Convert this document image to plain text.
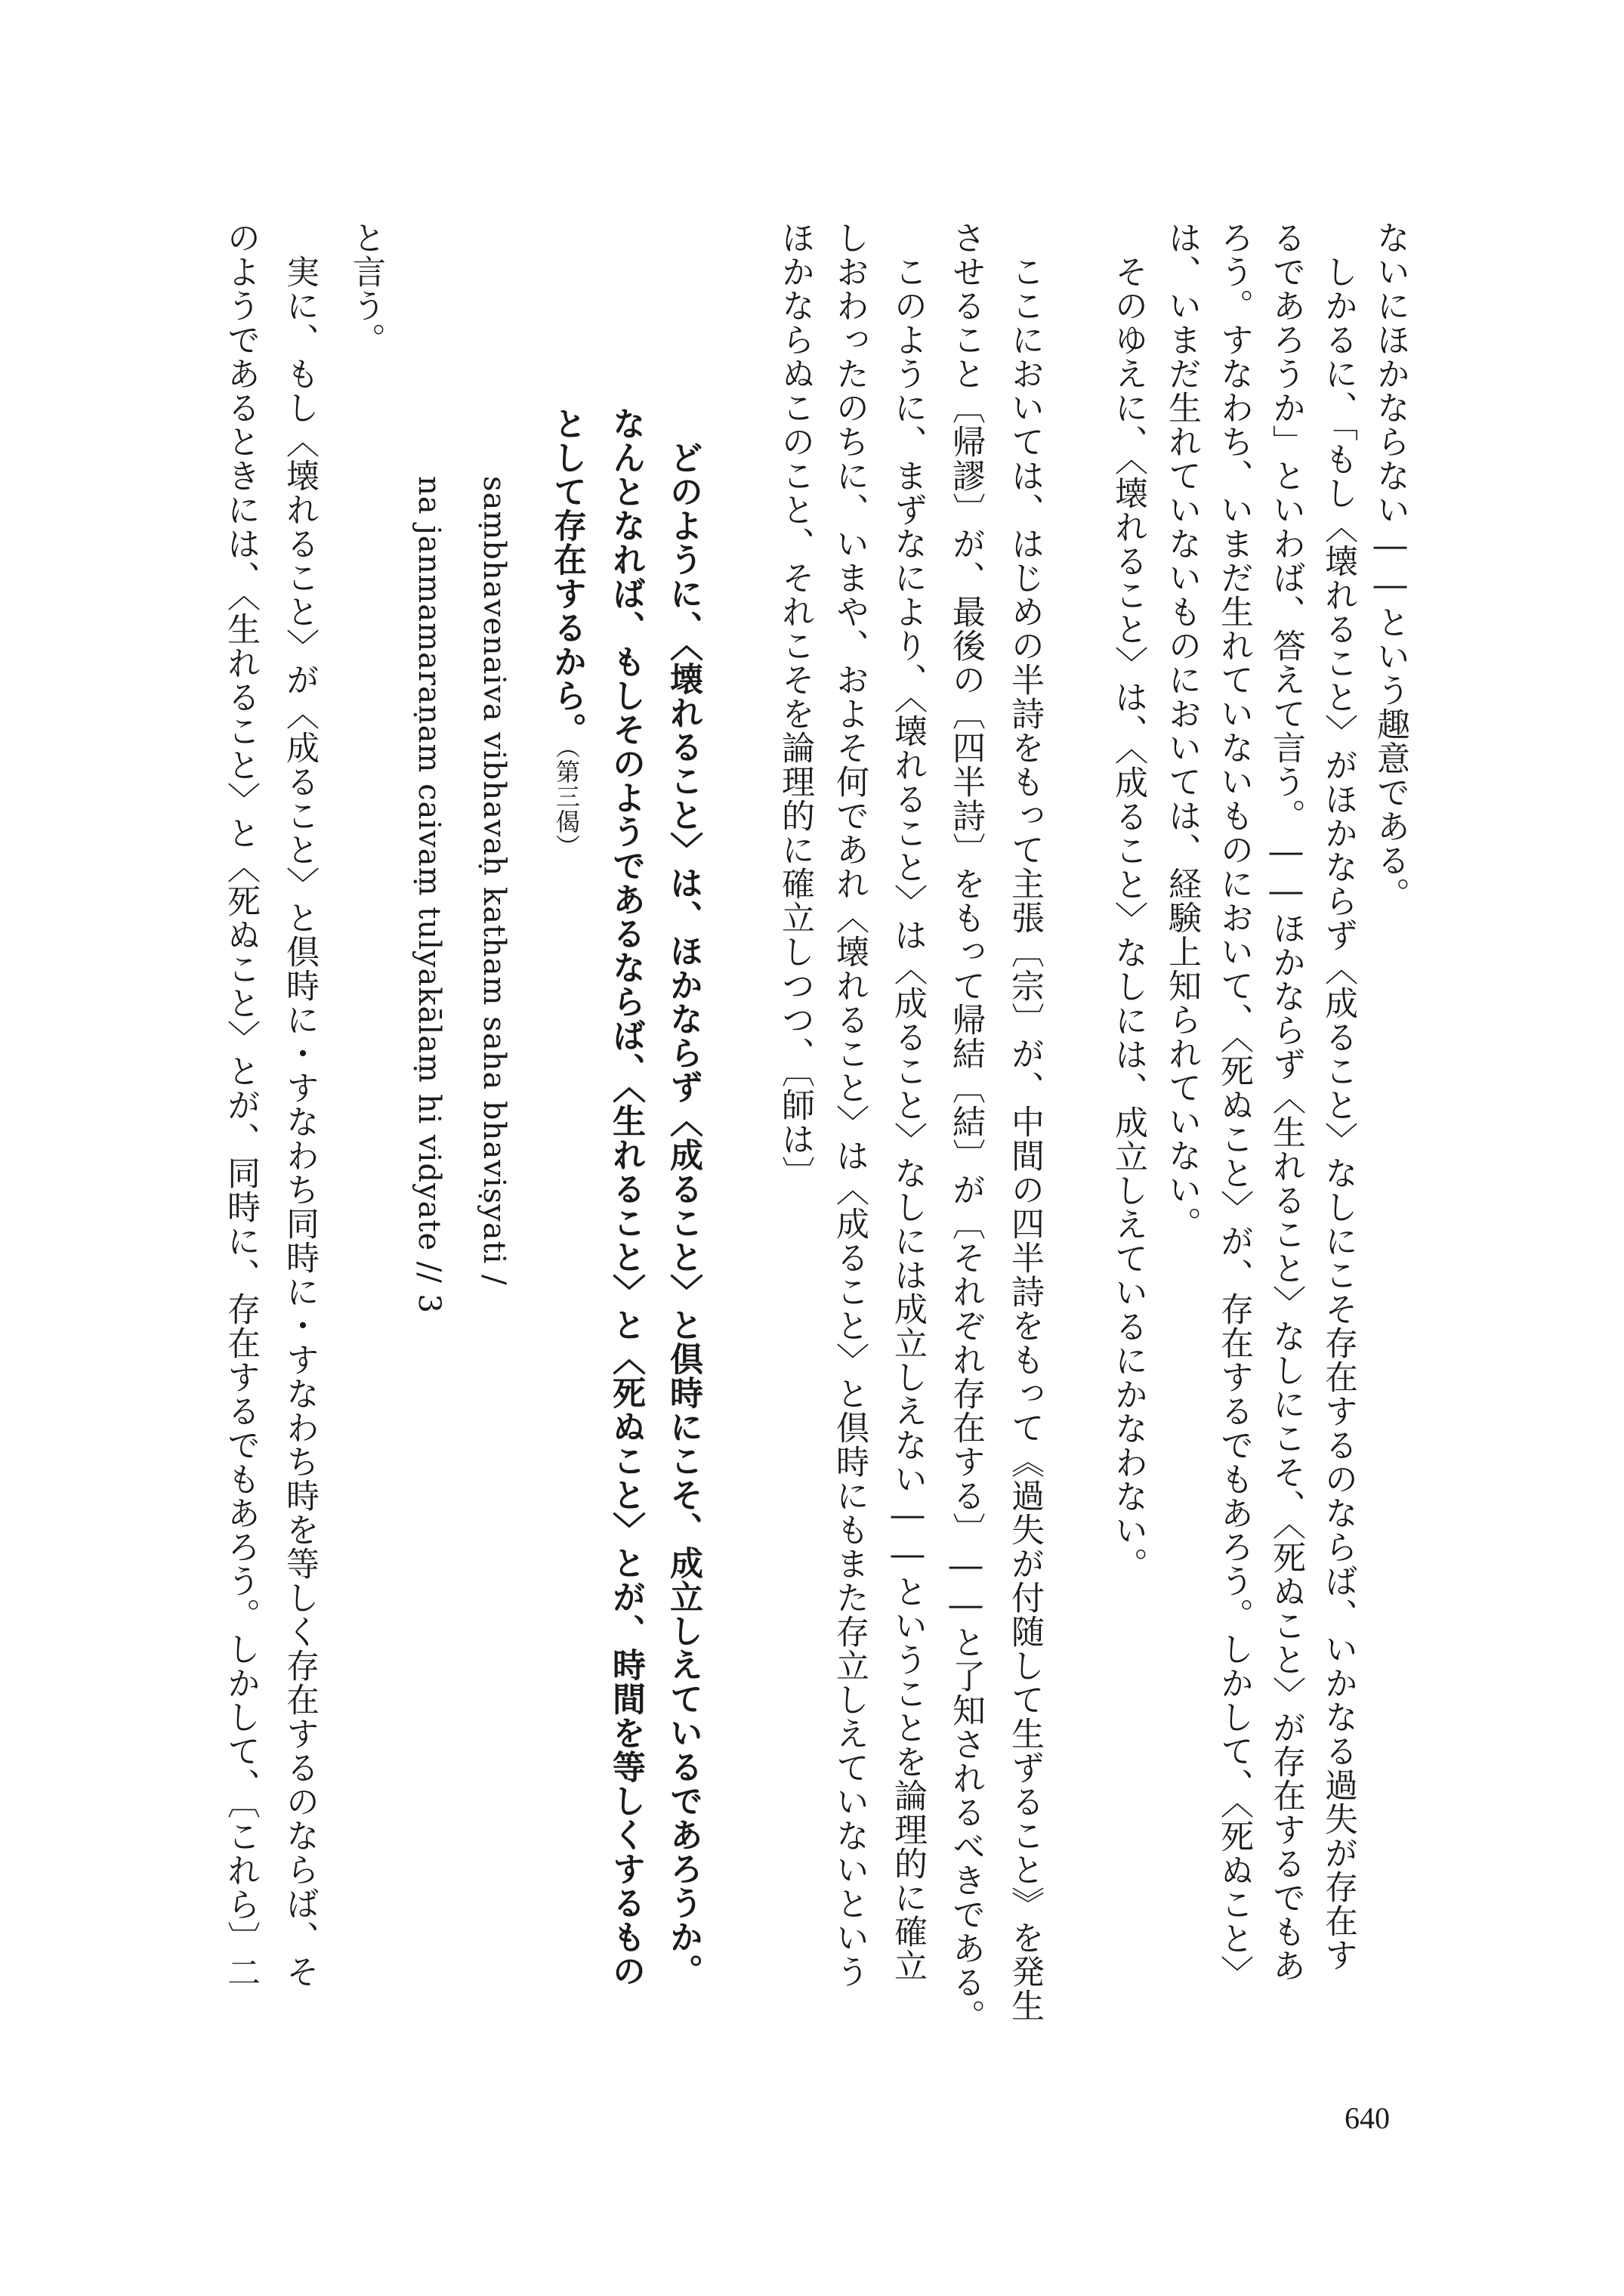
ないにほかならない――という趣意である。
　しかるに、「もし〈壊れること〉がほかならず〈成ること〉なしにこそ存在するのならば、いかなる過失が存在す
るであろうか」といわば、答えて言う。――ほかならず〈生れること〉なしにこそ、〈死ぬこと〉が存在するでもあ
ろう。すなわち、いまだ生れていないものにおいて、〈死ぬこと〉が、存在するでもあろう。しかして、〈死ぬこと〉
は、いまだ生れていないものにおいては、経験上知られていない。
　そのゆえに、〈壊れること〉は、〈成ること〉なしには、成立しえているにかなわない。
　ここにおいては、はじめの半詩をもって主張〔宗〕が、中間の四半詩をもって《過失が付随して生ずること》を発生
させること〔帰謬〕が、最後の〔四半詩〕をもって帰結〔結〕が〔それぞれ存在する〕――と了知されるべきである。
　このように、まずなにより、〈壊れること〉は〈成ること〉なしには成立しえない――ということを論理的に確立
しおわったのちに、いまや、およそ何であれ〈壊れること〉は〈成ること〉と倶時にもまた存立しえていないという
ほかならぬこのこと、それこそを論理的に確立しつつ、〔師は〕
　どのように、〈壊れること〉は、ほかならず〈成ること〉と倶時にこそ、成立しえているであろうか。
なんとなれば、もしそのようであるならば、〈生れること〉と〈死ぬこと〉とが、時間を等しくするもの
として存在するから。（第三偈）
saṃbhavenaiva vibhavaḥ katham saha bhaviṣyati /
na janmamaraṇam caivaṃ tulyakālaṃ hi vidyate // 3
と言う。
　実に、もし〈壊れること〉が〈成ること〉と倶時に・すなわち同時に・すなわち時を等しく存在するのならば、そ
のようであるときには、〈生れること〉と〈死ぬこと〉とが、同時に、存在するでもあろう。しかして、〔これら〕二
640
